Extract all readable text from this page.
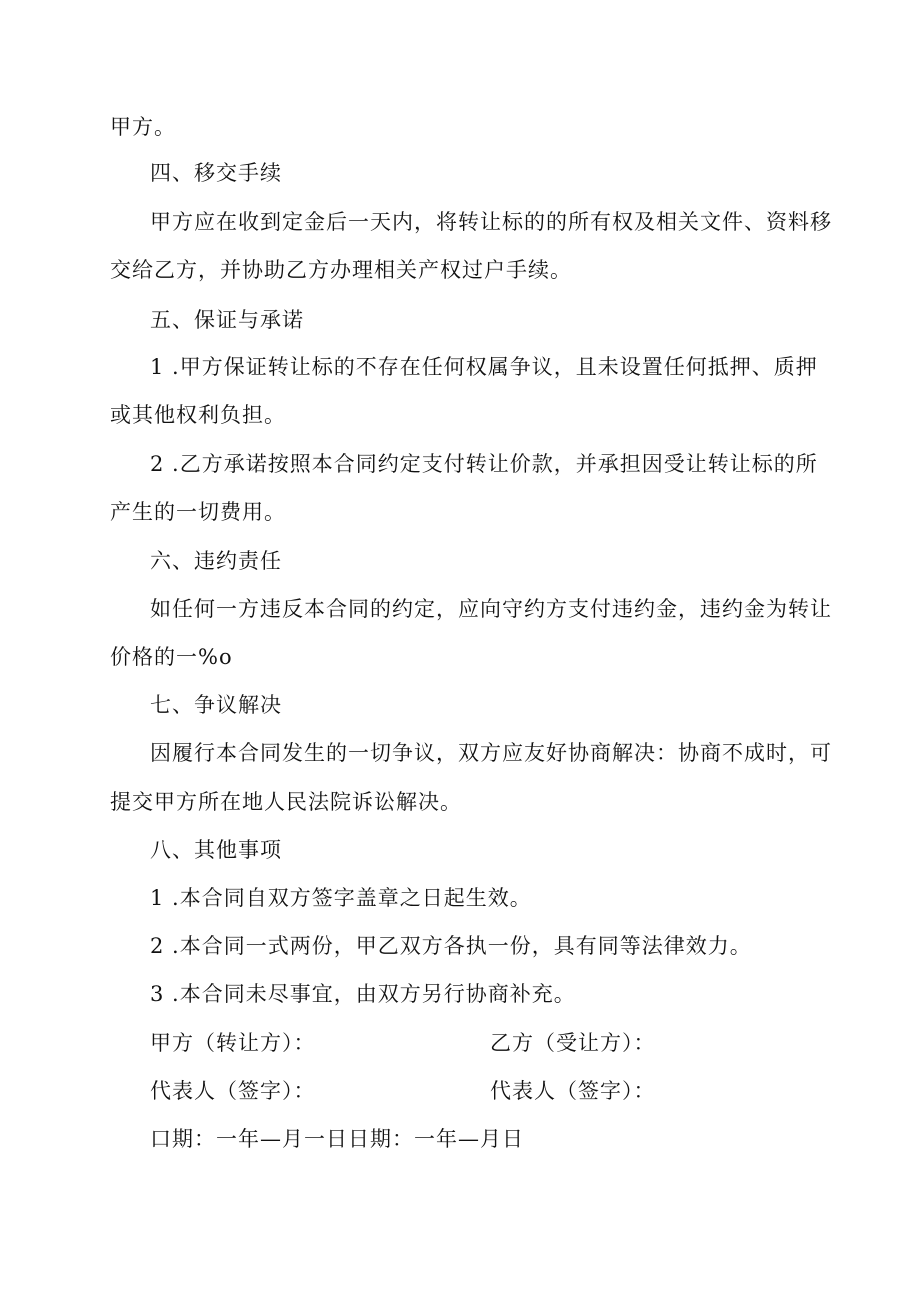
甲方。
四、移交手续
甲方应在收到定金后一天内，将转让标的的所有权及相关文件、资料移
交给乙方，并协助乙方办理相关产权过户手续。
五、保证与承诺
1 .甲方保证转让标的不存在任何权属争议，且未设置任何抵押、质押
或其他权利负担。
2 .乙方承诺按照本合同约定支付转让价款，并承担因受让转让标的所
产生的一切费用。
六、违约责任
如任何一方违反本合同的约定，应向守约方支付违约金，违约金为转让
价格的一%o
七、争议解决
因履行本合同发生的一切争议，双方应友好协商解决：协商不成时，可
提交甲方所在地人民法院诉讼解决。
八、其他事项
1 .本合同自双方签字盖章之日起生效。
2 .本合同一式两份，甲乙双方各执一份，具有同等法律效力。
3 .本合同未尽事宜，由双方另行协商补充。
甲方（转让方）：	乙方（受让方）：
代表人（签字）：	代表人（签字）：
口期：一年—月一日日期：一年—月日
